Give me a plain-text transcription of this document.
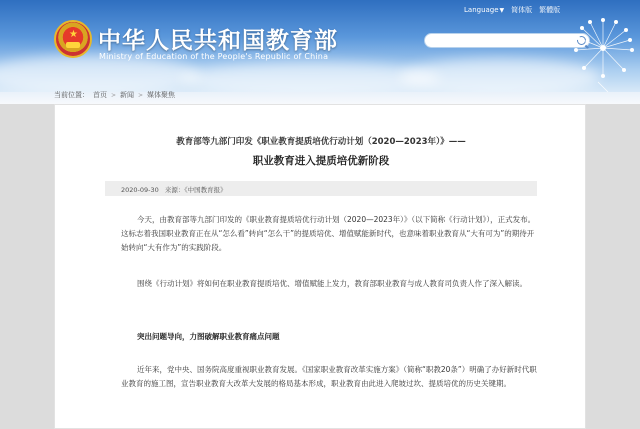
★ 中华人民共和国教育部
Ministry of Education of the People's Republic of China
Language▼ 简体版 繁體版
当前位置： 首页 > 新闻 > 媒体聚焦
教育部等九部门印发《职业教育提质培优行动计划（2020—2023年）》——
职业教育进入提质培优新阶段
2020-09-30 来源：《中国教育报》
今天，由教育部等九部门印发的《职业教育提质培优行动计划（2020—2023年）》（以下简称《行动计划》），正式发布。这标志着我国职业教育正在从“怎么看”转向“怎么干”的提质培优、增值赋能新时代，也意味着职业教育从“大有可为”的期待开始转向“大有作为”的实践阶段。
围绕《行动计划》将如何在职业教育提质培优、增值赋能上发力，教育部职业教育与成人教育司负责人作了深入解读。
突出问题导向，力图破解职业教育痛点问题
近年来，党中央、国务院高度重视职业教育发展。《国家职业教育改革实施方案》（简称“职教20条”）明确了办好新时代职业教育的施工图，宣告职业教育大改革大发展的格局基本形成，职业教育由此进入爬坡过坎、提质培优的历史关键期。
